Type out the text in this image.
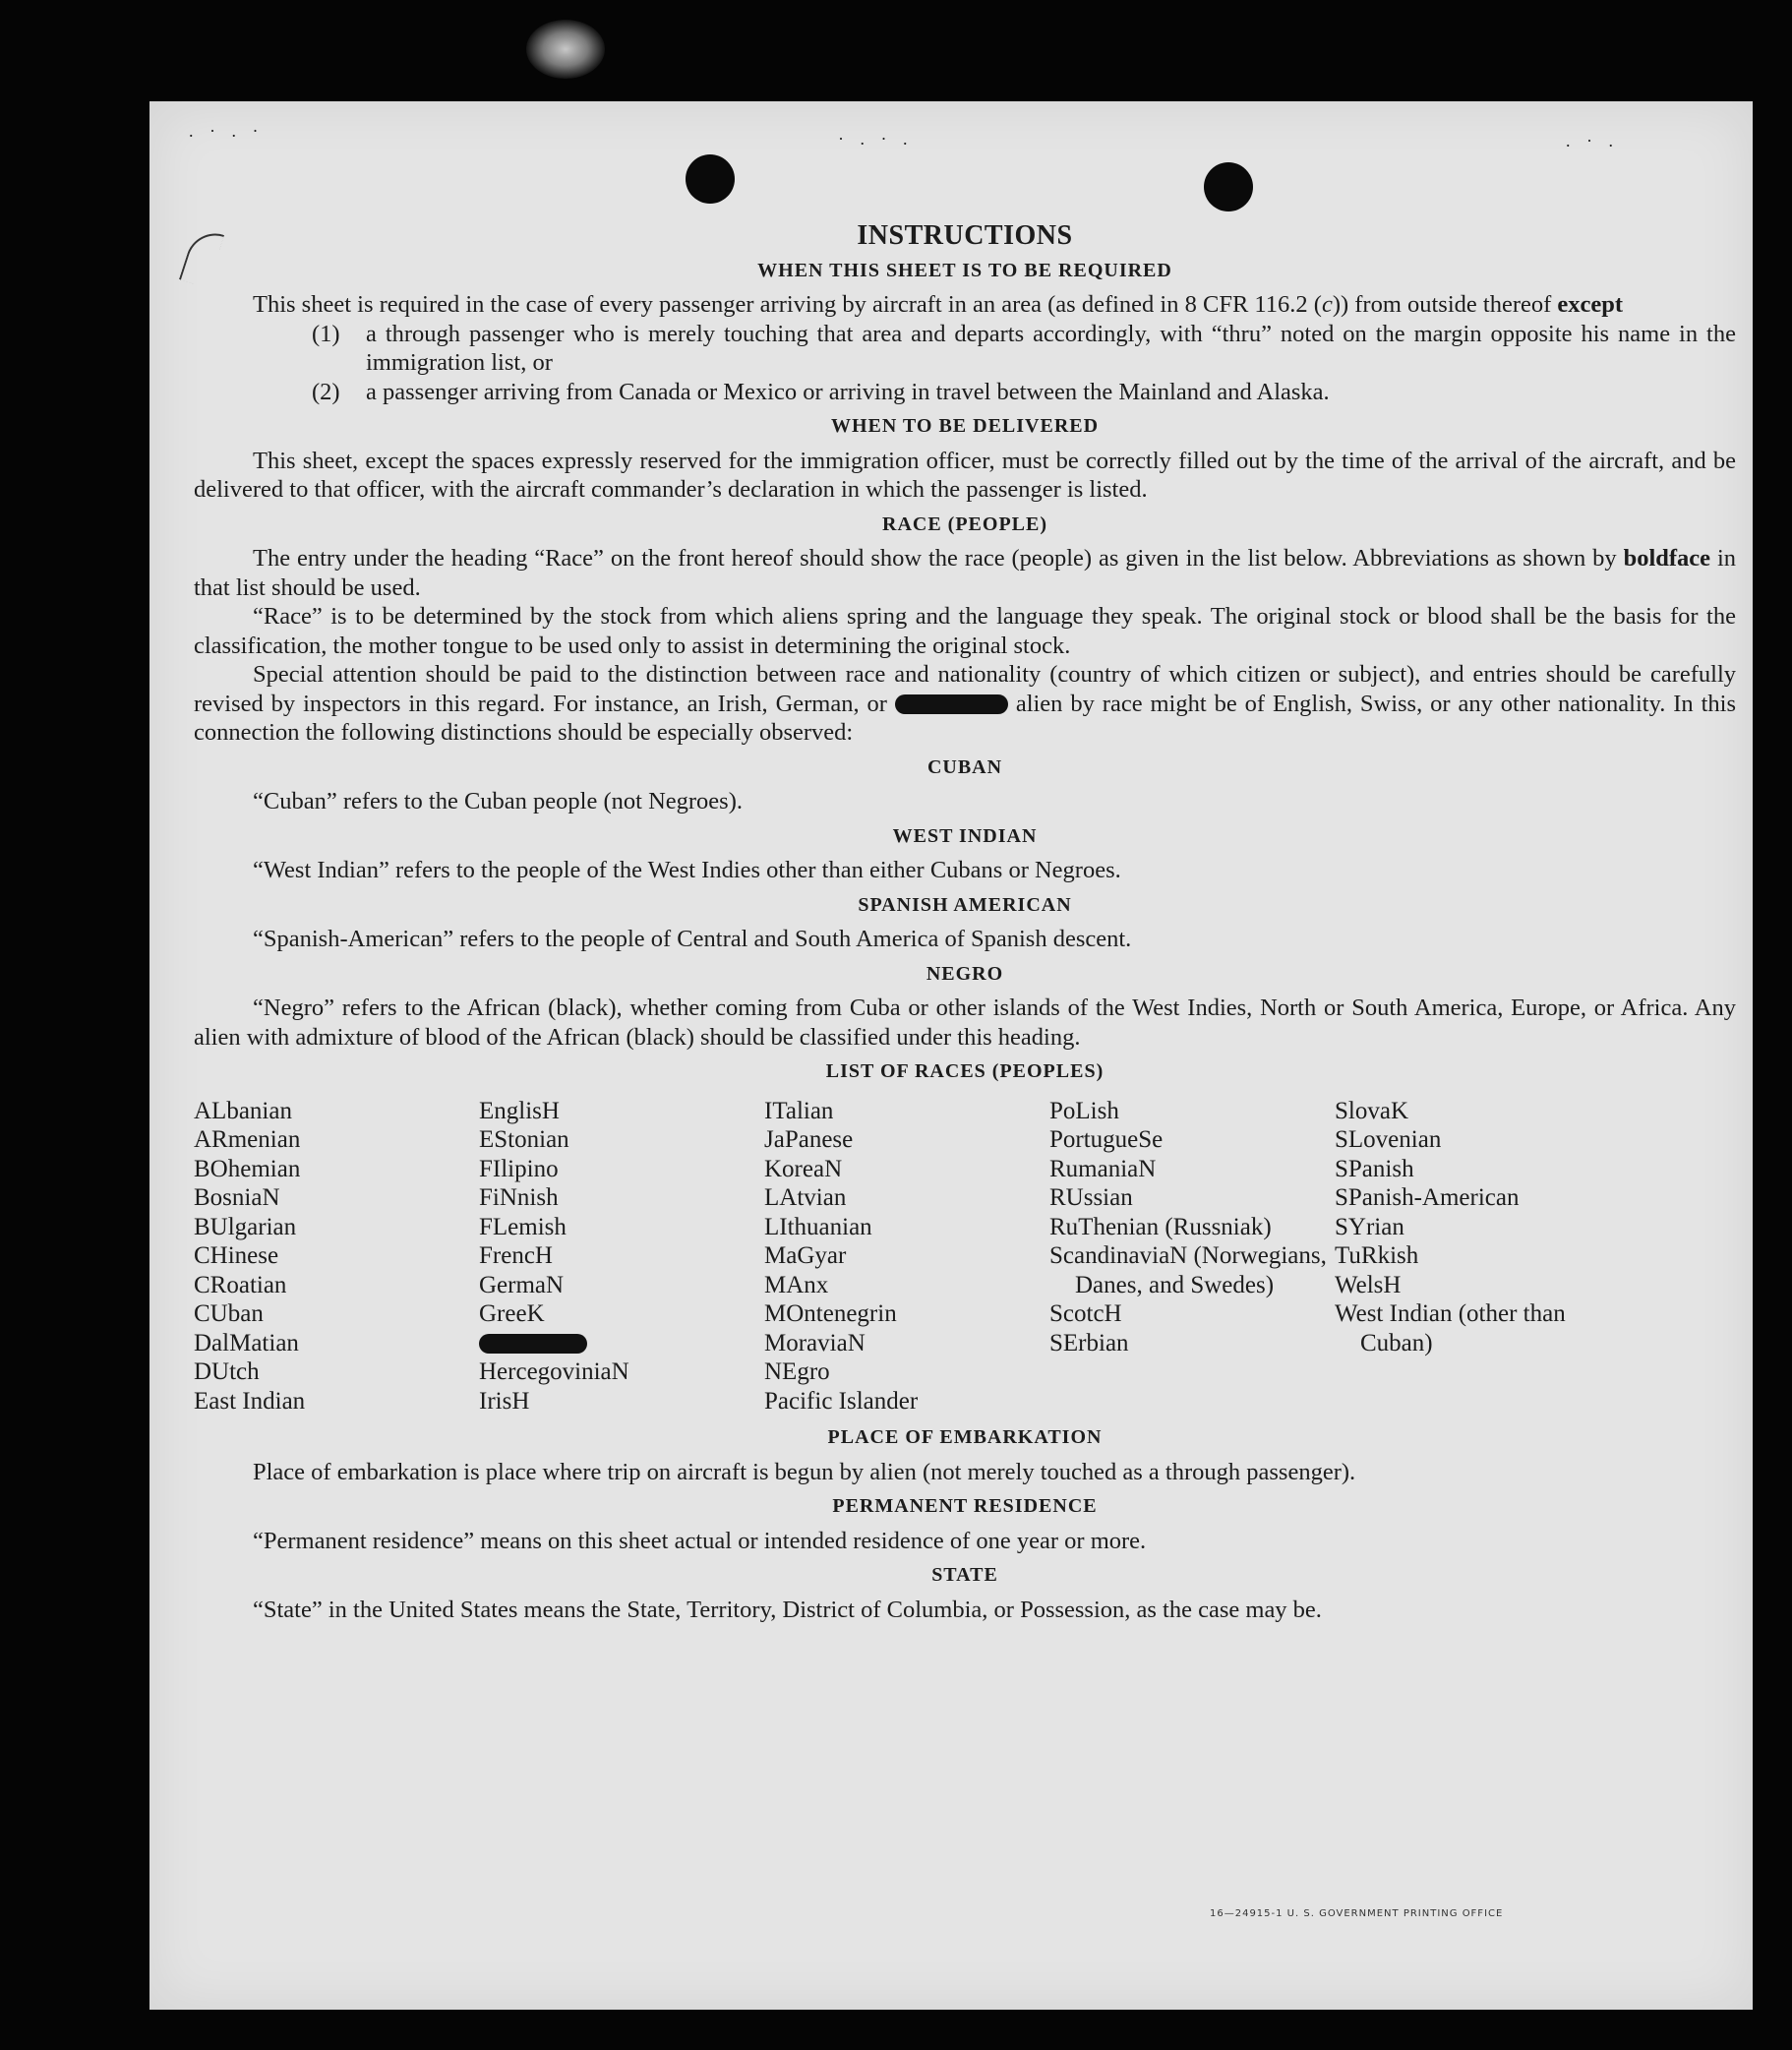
. · . ·	· . · .	. · .
INSTRUCTIONS
WHEN THIS SHEET IS TO BE REQUIRED

This sheet is required in the case of every passenger arriving by aircraft in an area (as defined in 8 CFR 116.2 (c)) from outside thereof except

(1)	a through passenger who is merely touching that area and departs accordingly, with “thru” noted on the margin opposite his name in the immigration list, or
(2)	a passenger arriving from Canada or Mexico or arriving in travel between the Mainland and Alaska.
WHEN TO BE DELIVERED

This sheet, except the spaces expressly reserved for the immigration officer, must be correctly filled out by the time of the arrival of the aircraft, and be delivered to that officer, with the aircraft commander’s declaration in which the passenger is listed.

RACE (PEOPLE)

The entry under the heading “Race” on the front hereof should show the race (people) as given in the list below. Abbreviations as shown by boldface in that list should be used.

“Race” is to be determined by the stock from which aliens spring and the language they speak. The original stock or blood shall be the basis for the classification, the mother tongue to be used only to assist in determining the original stock.

Special attention should be paid to the distinction between race and nationality (country of which citizen or subject), and entries should be carefully revised by inspectors in this regard. For instance, an Irish, German, or	alien by race might be of English, Swiss, or any other nationality. In this connection the following distinctions should be especially observed:

CUBAN

“Cuban” refers to the Cuban people (not Negroes).

WEST INDIAN

“West Indian” refers to the people of the West Indies other than either Cubans or Negroes.

SPANISH AMERICAN

“Spanish-American” refers to the people of Central and South America of Spanish descent.

NEGRO

“Negro” refers to the African (black), whether coming from Cuba or other islands of the West Indies, North or South America, Europe, or Africa. Any alien with admixture of blood of the African (black) should be classified under this heading.

LIST OF RACES (PEOPLES)
ALbanian
ARmenian
BOhemian
BosniaN
BUlgarian
CHinese
CRoatian
CUban
DalMatian
DUtch
East Indian
EnglisH
EStonian
FIlipino
FiNnish
FLemish
FrencH
GermaN
GreeK
HercegoviniaN
IrisH
ITalian
JaPanese
KoreaN
LAtvian
LIthuanian
MaGyar
MAnx
MOntenegrin
MoraviaN
NEgro
Pacific Islander
PoLish
PortugueSe
RumaniaN
RUssian
RuThenian (Russniak)
ScandinaviaN (Norwegians, Danes, and Swedes)
ScotcH
SErbian
SlovaK
SLovenian
SPanish
SPanish-American
SYrian
TuRkish
WelsH
West Indian (other than Cuban)
PLACE OF EMBARKATION

Place of embarkation is place where trip on aircraft is begun by alien (not merely touched as a through passenger).

PERMANENT RESIDENCE

“Permanent residence” means on this sheet actual or intended residence of one year or more.

STATE

“State” in the United States means the State, Territory, District of Columbia, or Possession, as the case may be.

16—24915-1 U. S. GOVERNMENT PRINTING OFFICE
